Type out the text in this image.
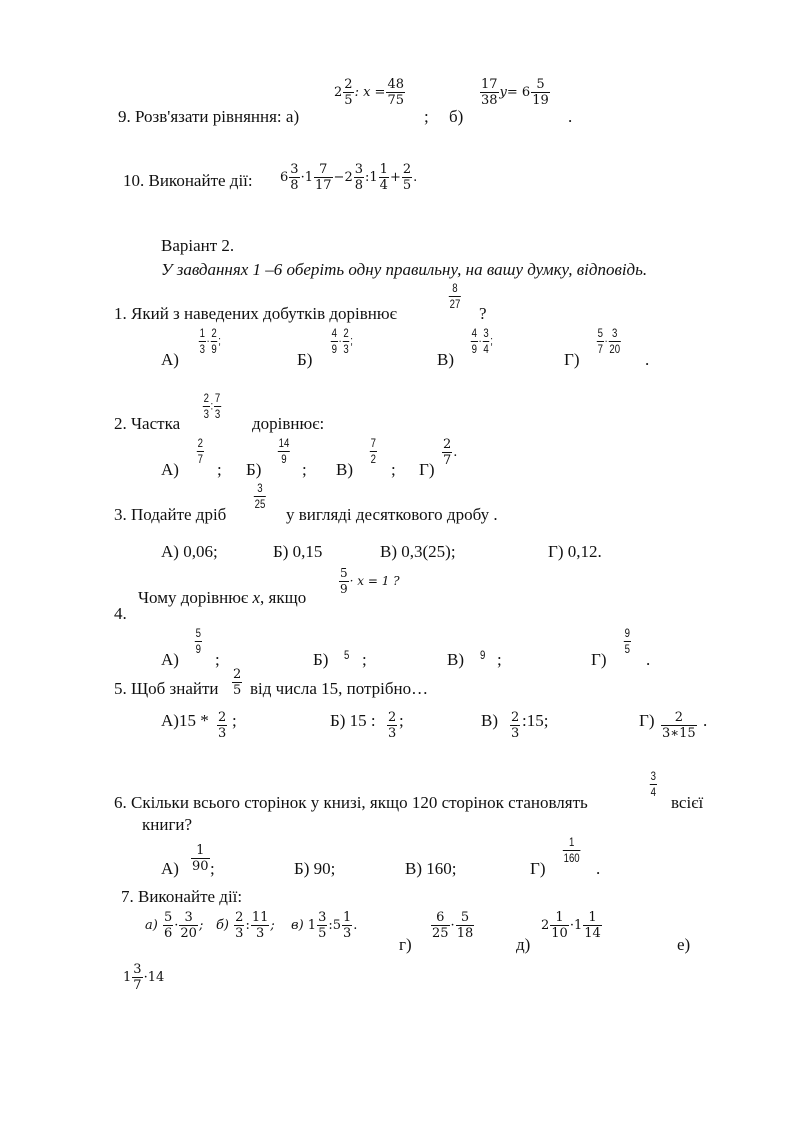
9. Розв'язати рівняння: а)
$2 \frac{2}{5}$ : $x = \frac{48}{75}$
; б)
$\frac{17}{38} y= 6 \frac{5}{19}$
.
10. Виконайте дії: $6 \frac{3}{8} \cdot 1 \frac{7}{17} -2 \frac{3}{8}$ :1 $\frac{1}{4} + \frac{2}{5}$ .
Варіант 2.
У завданнях 1 –6 оберіть одну правильну, на вашу думку, відповідь.
1. Який з наведених добутків дорівнює
$\frac{8}{27}$
?
А)
$\frac{1}{3} \cdot \frac{2}{9}$ ;
Б)
$\frac{4}{9} \cdot \frac{2}{3}$ ;
В)
$\frac{4}{9} \cdot \frac{3}{4}$ ;
Г)
$\frac{5}{7} \cdot \frac{3}{20}$
.
2. Частка
$\frac{2}{3}$ : $\frac{7}{3}$
дорівнює:
А)
$\frac{2}{7}$
; Б)
$\frac{14}{9}$
; В)
$\frac{7}{2}$
; Г)
$\frac{2}{7}$ .
3. Подайте дріб
$\frac{3}{25}$
у вигляді десяткового дробу .
А) 0,06;	Б) 0,15	В) 0,3(25);	Г) 0,12.
Чому дорівнює x, якщо
$\frac{5}{9} \cdot x = 1$ ?
4.
А)
$\frac{5}{9}$
;	Б) 5 ;	В) 9 ;	Г)
$\frac{9}{5}$
.
5. Щоб знайти $\frac{2}{5}$ від числа 15, потрібно…
$А)15 * \frac{2}{3}$ ;	Б) 15 : $\frac{2}{3}$ ;	$В) \frac{2}{3}$ :15;	$Г) \frac{2}{3∗15}$ .
6. Скільки всього сторінок у книзі, якщо 120 сторінок становлять
$\frac{3}{4}$
всієї
книги?
$А) \frac{1}{90}$ ;	Б) 90;	В) 160;	Г)
$\frac{1}{160}$
.
7. Виконайте дії:
$а) \frac{5}{6} \cdot \frac{3}{20}$ ; $б) \frac{2}{3}$ : $\frac{11}{3}$ ; в) $1 \frac{3}{5}$ :5 $\frac{1}{3}$ .
г)
$\frac{6}{25} \cdot \frac{5}{18}$
д)
$2 \frac{1}{10} \cdot 1 \frac{1}{14}$
е)
$1 \frac{3}{7} \cdot 14$
